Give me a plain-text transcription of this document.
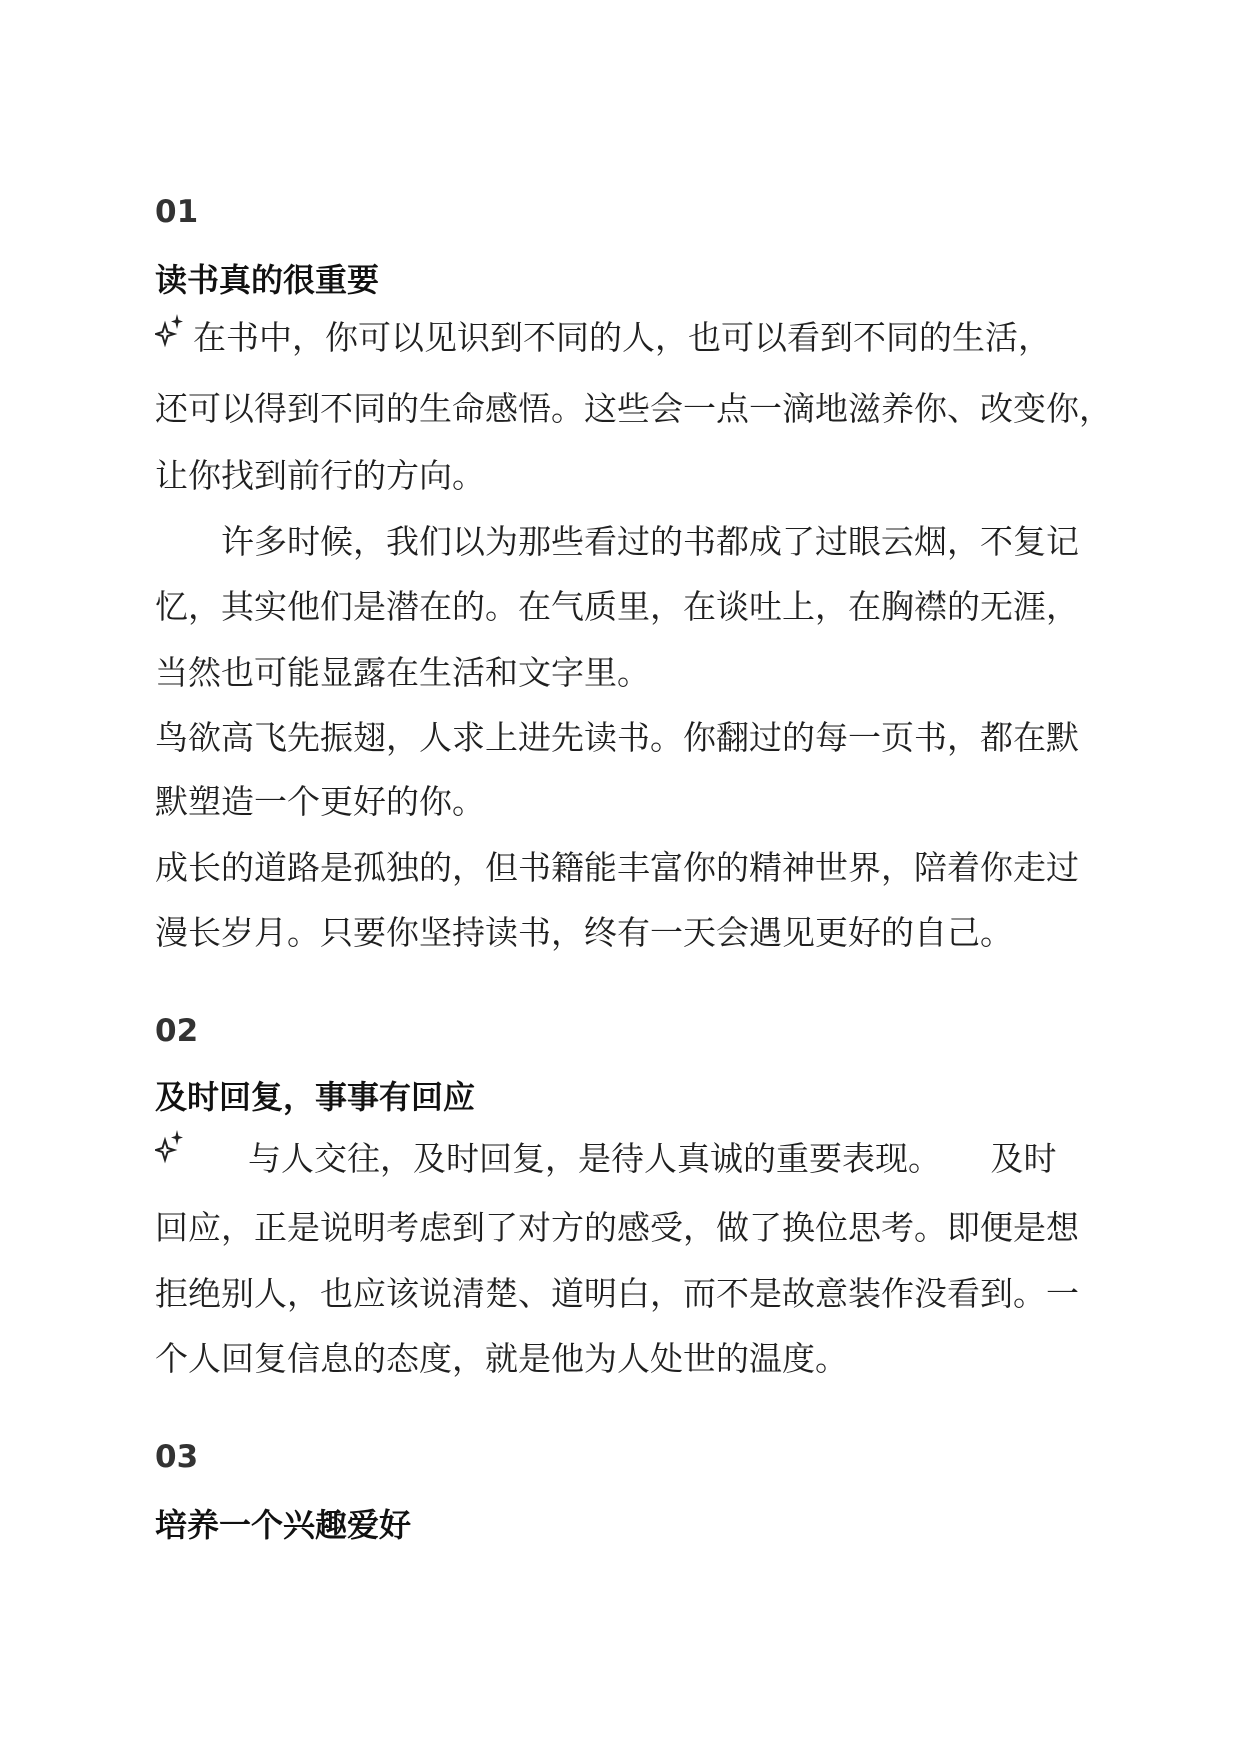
01
读书真的很重要
在书中，你可以见识到不同的人，也可以看到不同的生活，
还可以得到不同的生命感悟。这些会一点一滴地滋养你、改变你，
让你找到前行的方向。
　　许多时候，我们以为那些看过的书都成了过眼云烟，不复记
忆，其实他们是潜在的。在气质里，在谈吐上，在胸襟的无涯，
当然也可能显露在生活和文字里。
鸟欲高飞先振翅，人求上进先读书。你翻过的每一页书，都在默
默塑造一个更好的你。
成长的道路是孤独的，但书籍能丰富你的精神世界，陪着你走过
漫长岁月。只要你坚持读书，终有一天会遇见更好的自己。
02
及时回复，事事有回应
　与人交往，及时回复，是待人真诚的重要表现。　　及时
回应，正是说明考虑到了对方的感受，做了换位思考。即便是想
拒绝别人，也应该说清楚、道明白，而不是故意装作没看到。一
个人回复信息的态度，就是他为人处世的温度。
03
培养一个兴趣爱好
